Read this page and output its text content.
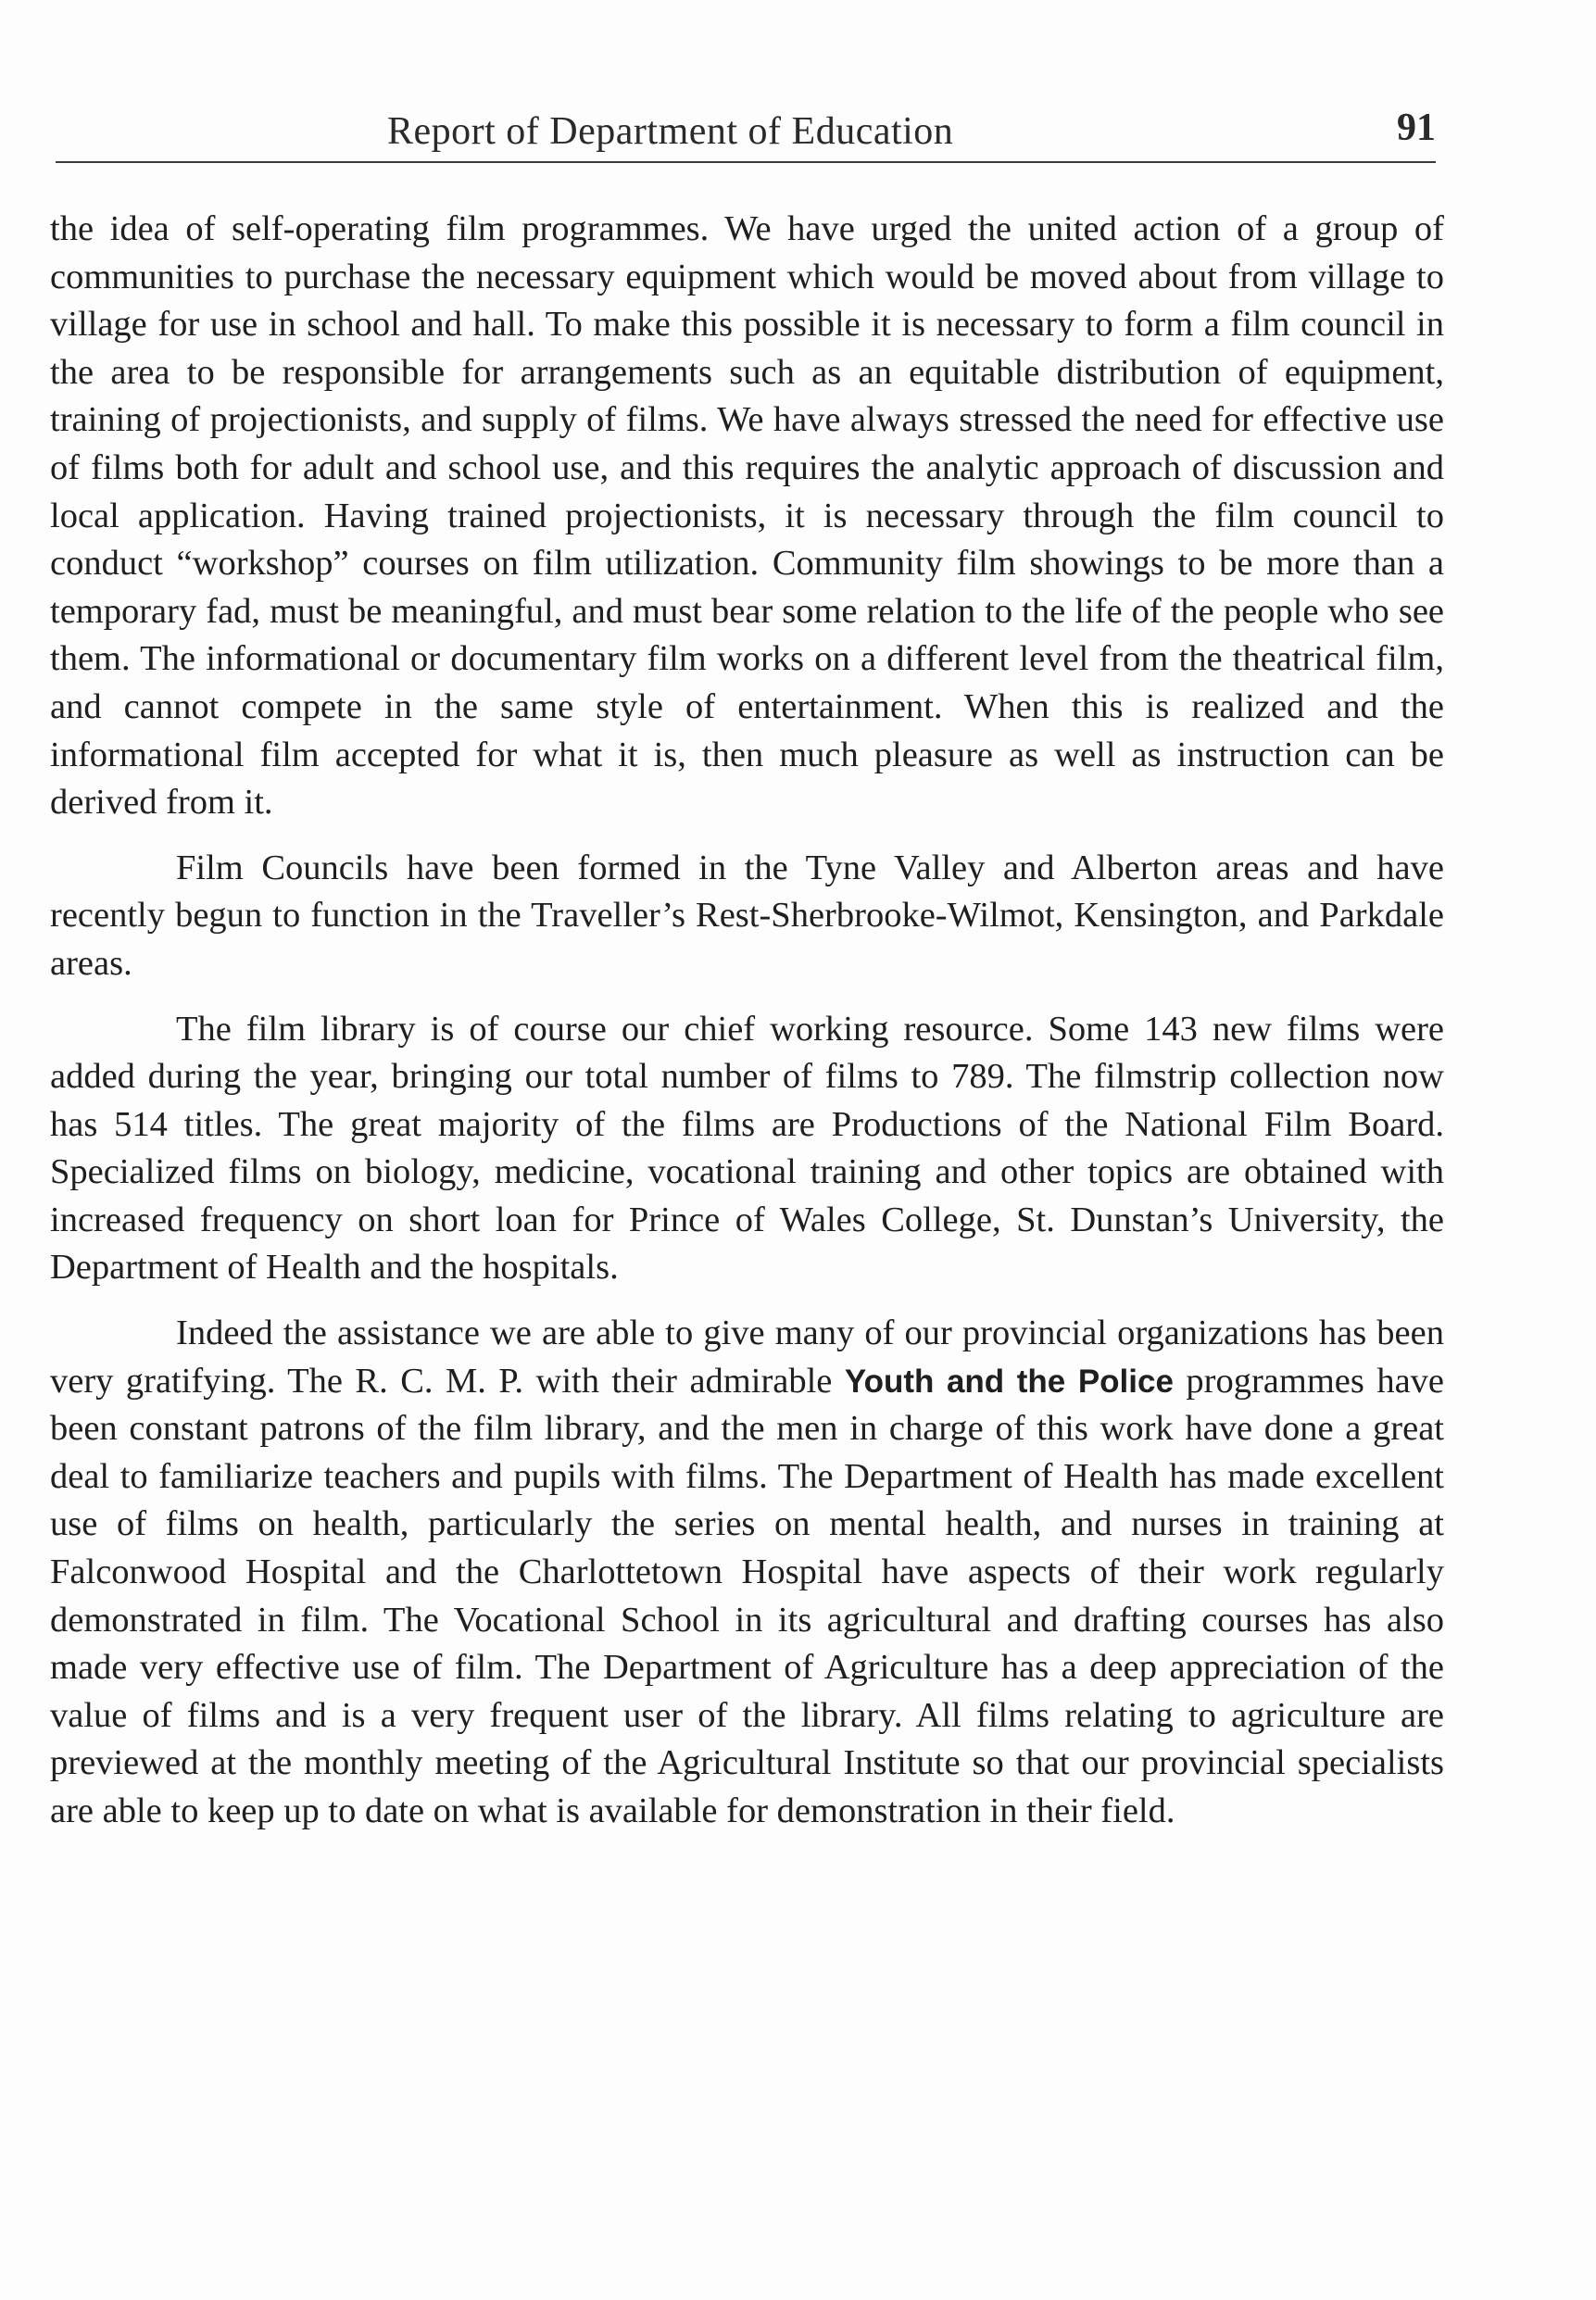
Report of Department of Education	91

the idea of self-operating film programmes. We have urged the united action of a group of communities to purchase the necessary equipment which would be moved about from village to village for use in school and hall. To make this possible it is necessary to form a film council in the area to be responsible for arrangements such as an equitable distribution of equipment, training of projectionists, and supply of films. We have always stressed the need for effective use of films both for adult and school use, and this requires the analytic approach of discussion and local application. Having trained projectionists, it is necessary through the film council to conduct “workshop” courses on film utilization. Community film showings to be more than a temporary fad, must be meaningful, and must bear some relation to the life of the people who see them. The informational or documentary film works on a different level from the theatrical film, and cannot compete in the same style of entertainment. When this is realized and the informational film accepted for what it is, then much pleasure as well as instruction can be derived from it.

Film Councils have been formed in the Tyne Valley and Alberton areas and have recently begun to function in the Traveller’s Rest-Sherbrooke-Wilmot, Kensington, and Parkdale areas.

The film library is of course our chief working resource. Some 143 new films were added during the year, bringing our total number of films to 789. The filmstrip collection now has 514 titles. The great majority of the films are Productions of the National Film Board. Specialized films on biology, medicine, vocational training and other topics are obtained with increased frequency on short loan for Prince of Wales College, St. Dunstan’s University, the Department of Health and the hospitals.

Indeed the assistance we are able to give many of our provincial organizations has been very gratifying. The R. C. M. P. with their admirable Youth and the Police programmes have been constant patrons of the film library, and the men in charge of this work have done a great deal to familiarize teachers and pupils with films. The Department of Health has made excellent use of films on health, particularly the series on mental health, and nurses in training at Falconwood Hospital and the Charlottetown Hospital have aspects of their work regularly demonstrated in film. The Vocational School in its agricultural and drafting courses has also made very effective use of film. The Department of Agriculture has a deep appreciation of the value of films and is a very frequent user of the library. All films relating to agriculture are previewed at the monthly meeting of the Agricultural Institute so that our provincial specialists are able to keep up to date on what is available for demonstration in their field.
